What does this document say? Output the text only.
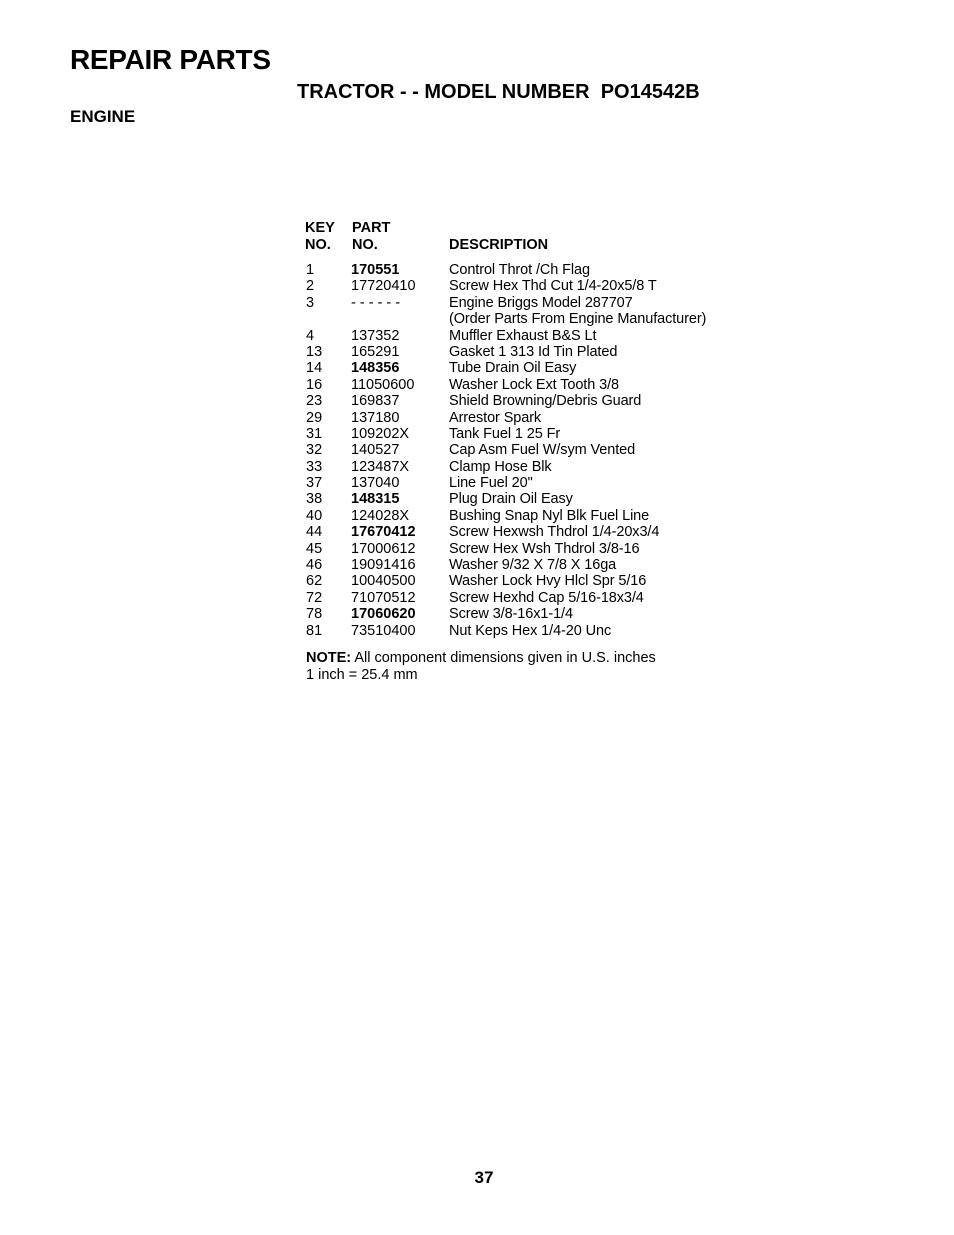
REPAIR PARTS
TRACTOR - - MODEL NUMBER  PO14542B
ENGINE
KEY
NO.
PART
NO.	DESCRIPTION
1	170551	Control Throt /Ch Flag
2	17720410 Screw Hex Thd Cut 1/4-20x5/8 T
3	- - - - - -	Engine Briggs Model 287707
(Order Parts From Engine Manufacturer)
4	137352	Muffler Exhaust B&S Lt
13 165291	Gasket 1 313 Id Tin Plated
14 148356	Tube Drain Oil Easy
16 11050600 Washer Lock Ext Tooth 3/8
23 169837	Shield Browning/Debris Guard
29 137180	Arrestor Spark
31 109202X	Tank Fuel 1 25 Fr
32 140527	Cap Asm Fuel W/sym Vented
33 123487X	Clamp Hose Blk
37 137040	Line Fuel 20"
38 148315	Plug Drain Oil Easy
40 124028X	Bushing Snap Nyl Blk Fuel Line
44 17670412 Screw Hexwsh Thdrol 1/4-20x3/4
45 17000612 Screw Hex Wsh Thdrol 3/8-16
46 19091416 Washer 9/32 X 7/8 X 16ga
62 10040500 Washer Lock Hvy Hlcl Spr 5/16
72 71070512 Screw Hexhd Cap 5/16-18x3/4
78 17060620 Screw 3/8-16x1-1/4
81 73510400 Nut Keps Hex 1/4-20 Unc
NOTE: All component dimensions given in U.S. inches
1 inch = 25.4 mm
37
